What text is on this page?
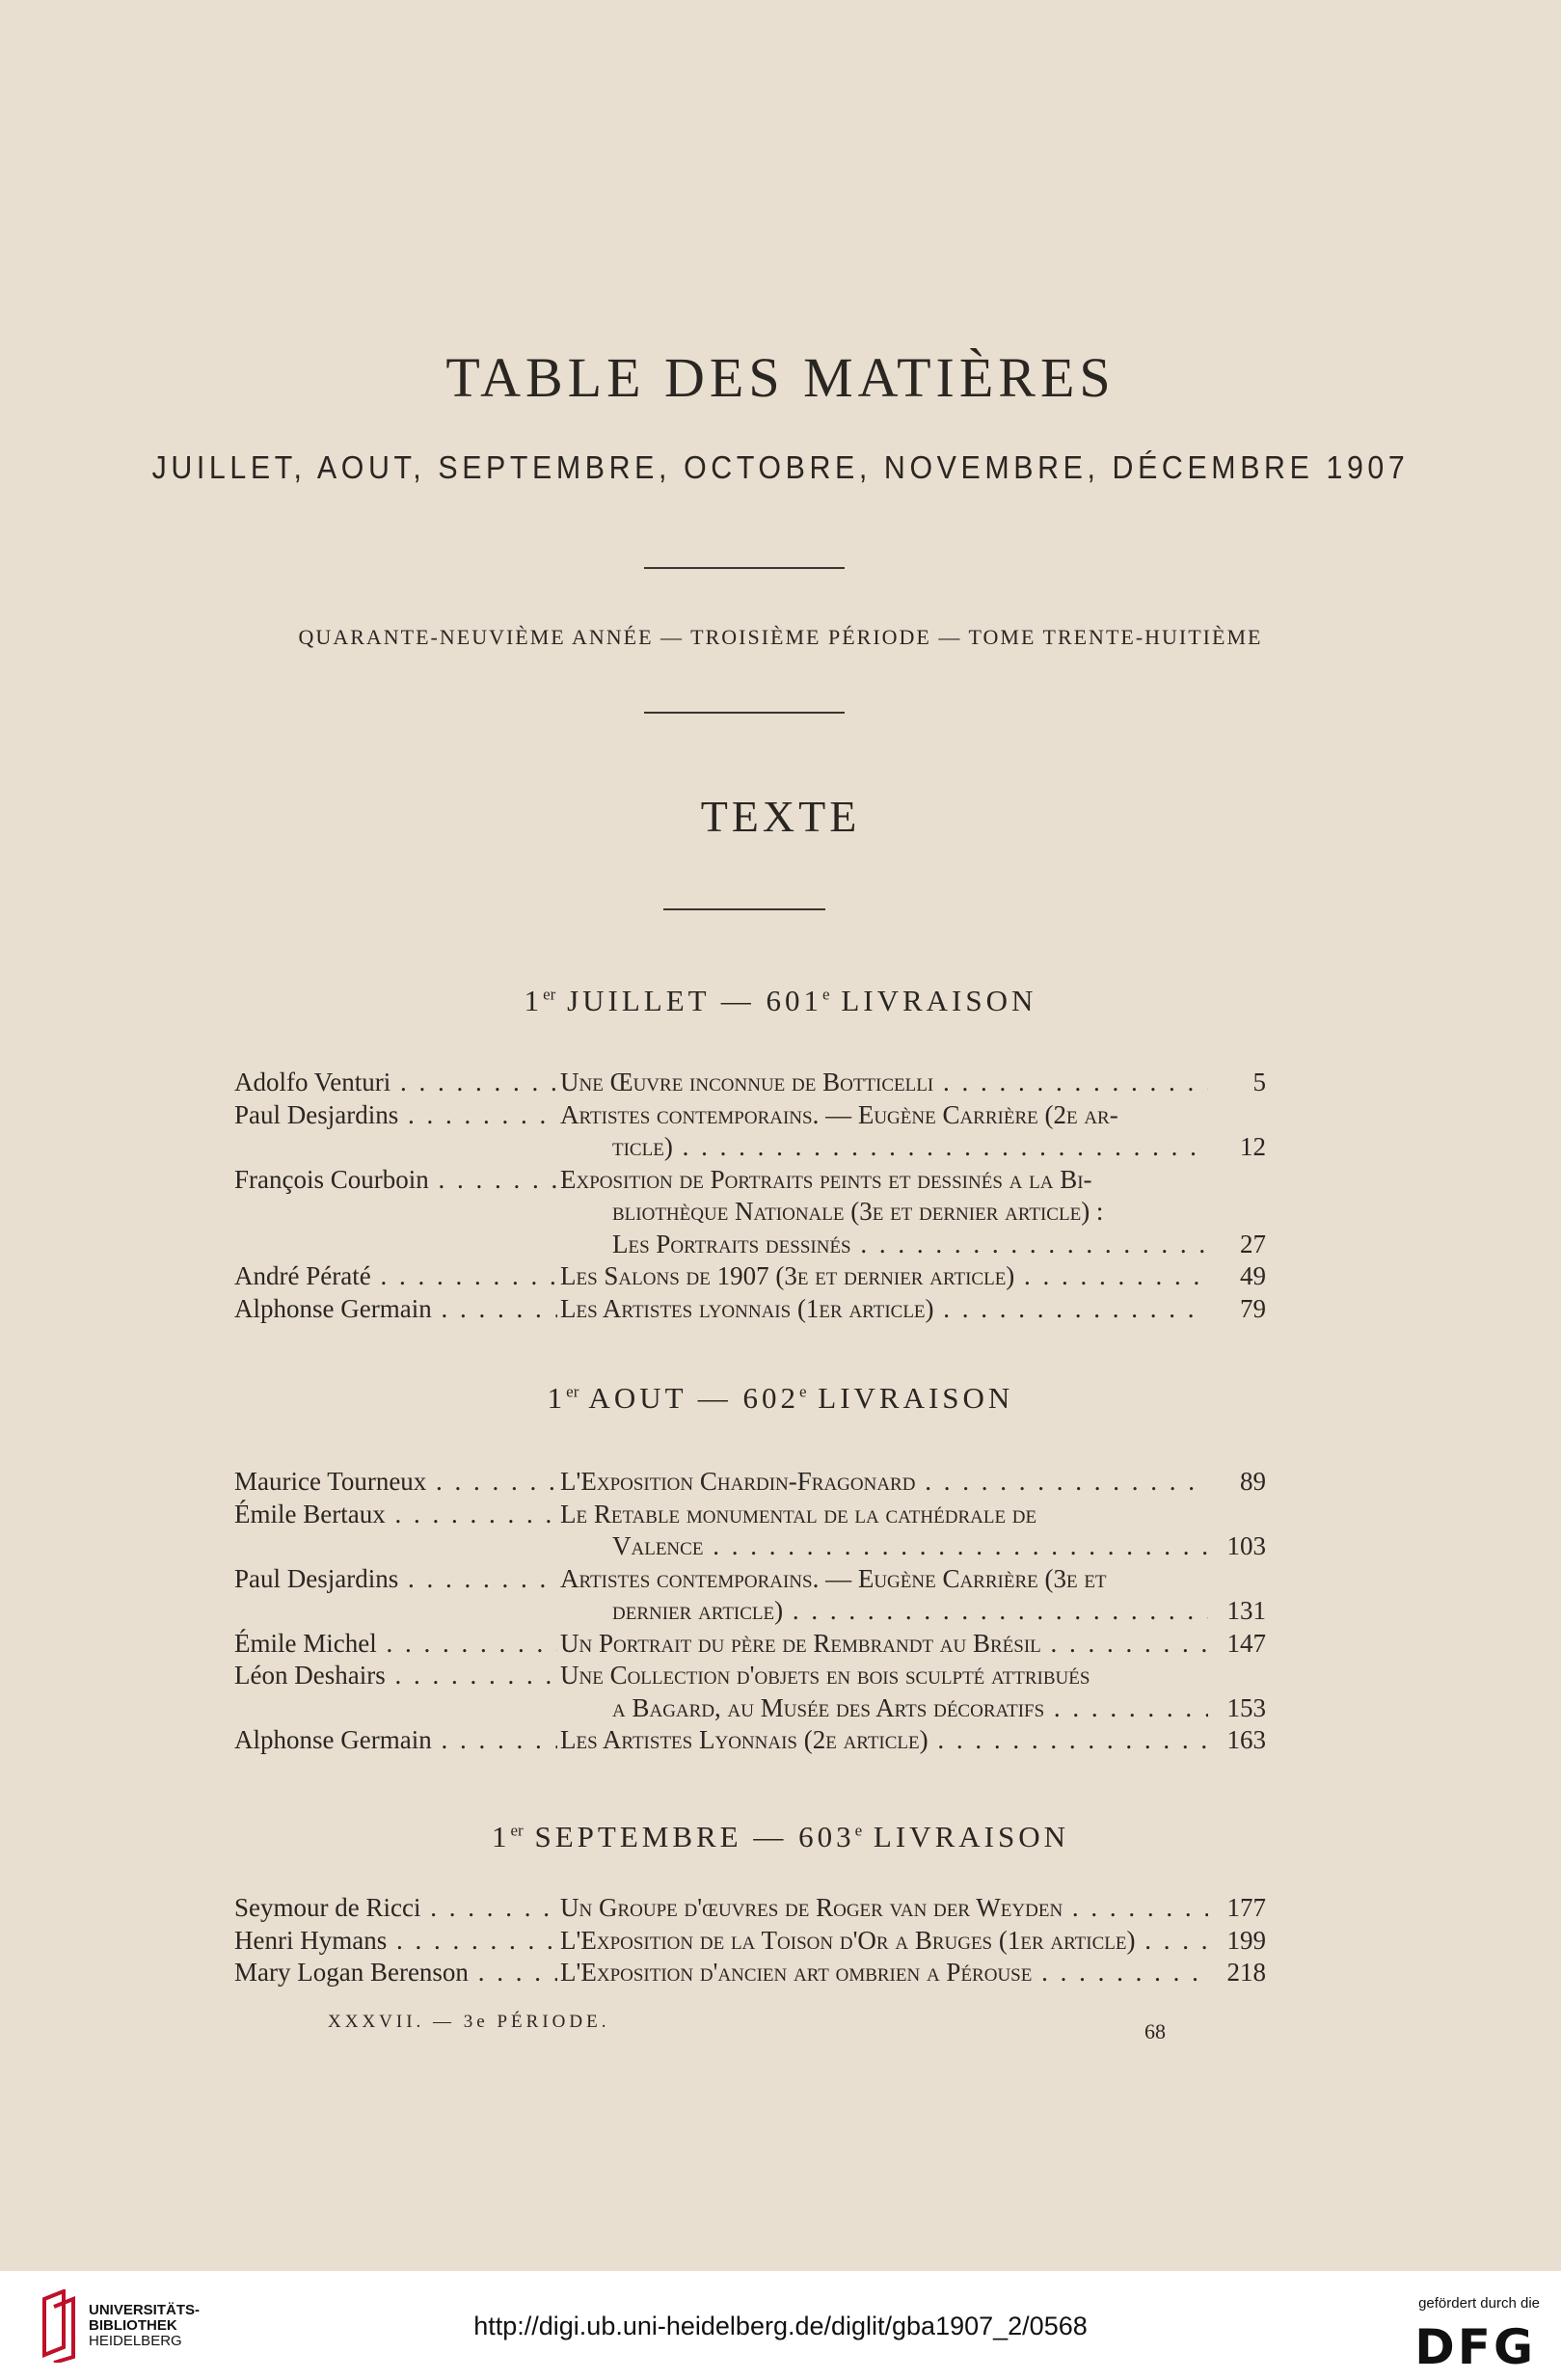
TABLE DES MATIÈRES
JUILLET, AOUT, SEPTEMBRE, OCTOBRE, NOVEMBRE, DÉCEMBRE 1907
QUARANTE-NEUVIÈME ANNÉE — TROISIÈME PÉRIODE — TOME TRENTE-HUITIÈME
TEXTE
1er JUILLET — 601e LIVRAISON
Adolfo Venturi . . .	Une Œuvre inconnue de Botticelli . . .	5
Paul Desjardins . . .	Artistes contemporains. — Eugène Carrière (2e ar-
ticle) . . .	12
François Courboin . . .	Exposition de Portraits peints et dessinés a la Bi-
bliothèque Nationale (3e et dernier article) :
Les Portraits dessinés . . .	27
André Pératé . . .	Les Salons de 1907 (3e et dernier article) . . .	49
Alphonse Germain . . .	Les Artistes lyonnais (1er article) . . .	79
1er AOUT — 602e LIVRAISON
Maurice Tourneux . . .	L'Exposition Chardin-Fragonard . . .	89
Émile Bertaux . . .	Le Retable monumental de la cathédrale de
Valence . . .	103
Paul Desjardins . . .	Artistes contemporains. — Eugène Carrière (3e et
dernier article) . . .	131
Émile Michel . . .	Un Portrait du père de Rembrandt au Brésil . . .	147
Léon Deshairs . . .	Une Collection d'objets en bois sculpté attribués
a Bagard, au Musée des Arts décoratifs . . .	153
Alphonse Germain . . .	Les Artistes Lyonnais (2e article) . . .	163
1er SEPTEMBRE — 603e LIVRAISON
Seymour de Ricci . . .	Un Groupe d'œuvres de Roger van der Weyden . . .	177
Henri Hymans . . .	L'Exposition de la Toison d'Or a Bruges (1er article) . . .	199
Mary Logan Berenson . . .	L'Exposition d'ancien art ombrien a Pérouse . . .	218
XXXVII. — 3e PÉRIODE.	68
UNIVERSITÄTS-
BIBLIOTHEK
HEIDELBERG
http://digi.ub.uni-heidelberg.de/diglit/gba1907_2/0568
gefördert durch die
DFG
